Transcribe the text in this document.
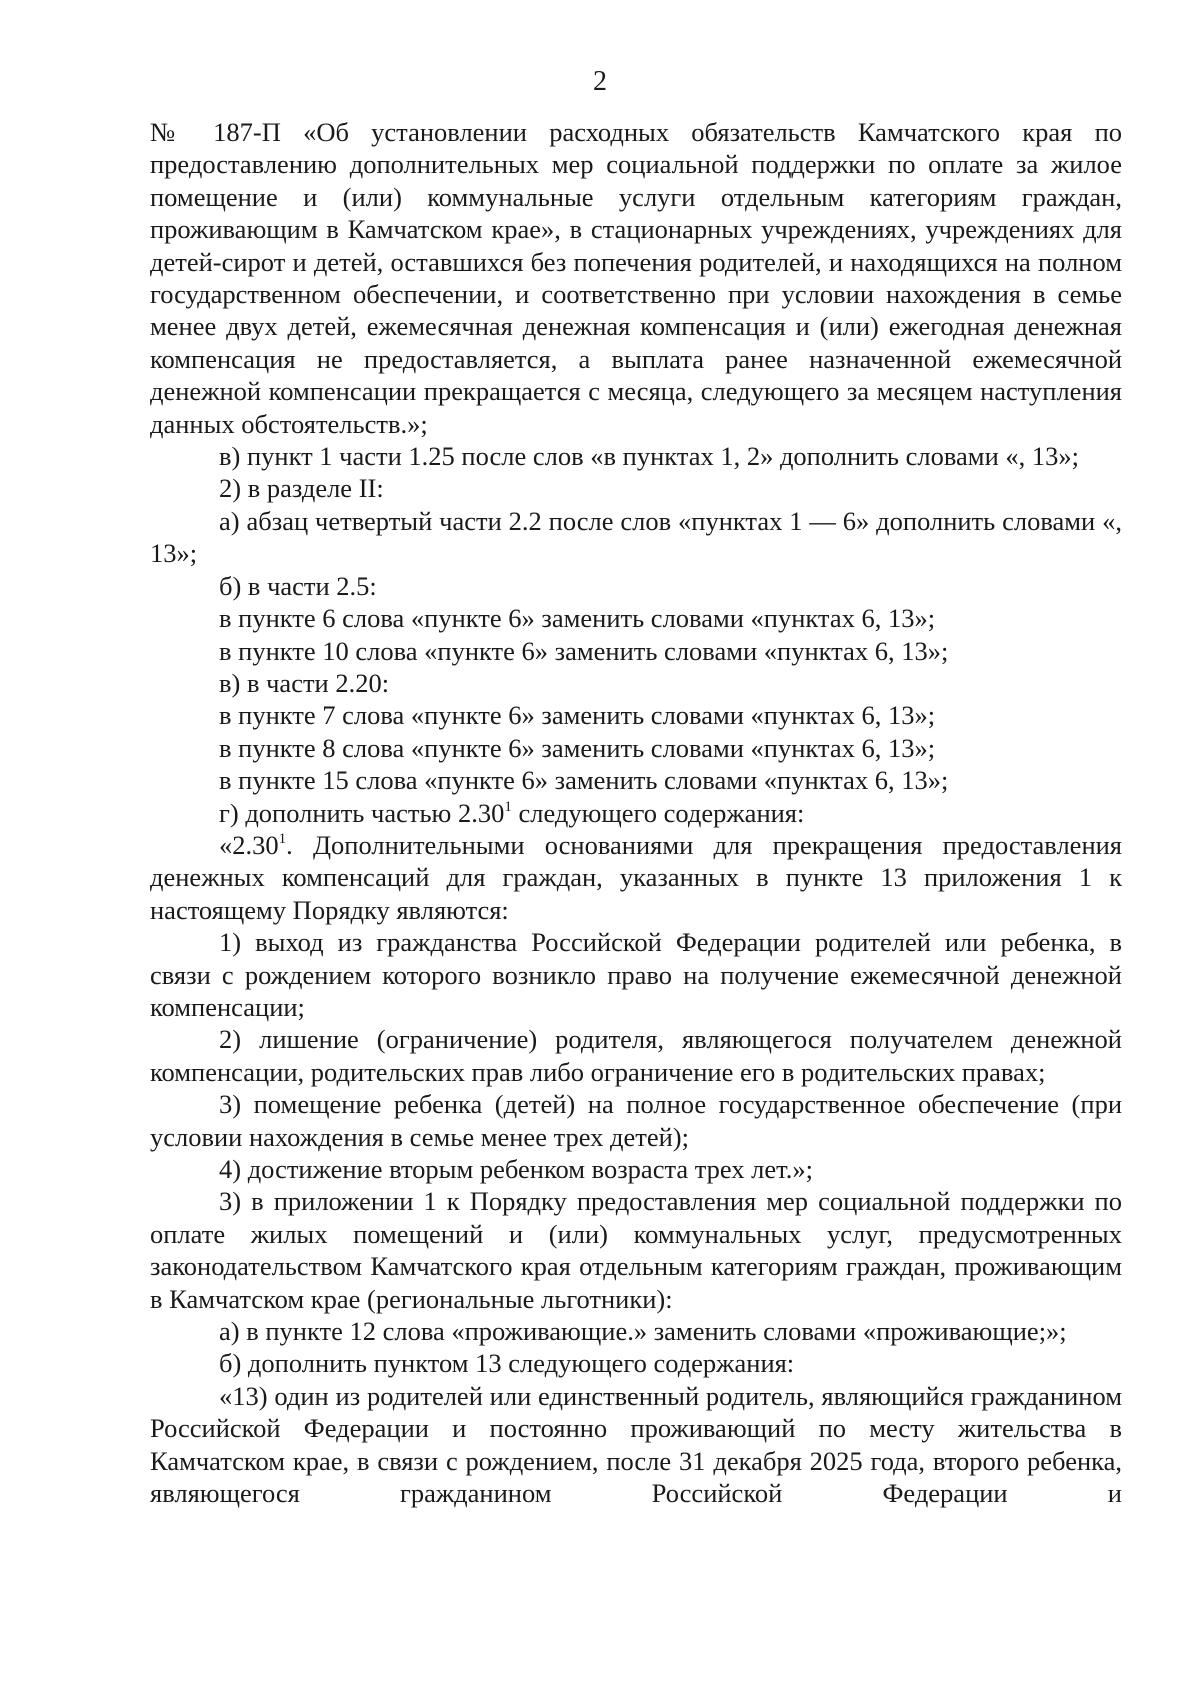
2

№ 187-П «Об установлении расходных обязательств Камчатского края по предоставлению дополнительных мер социальной поддержки по оплате за жилое помещение и (или) коммунальные услуги отдельным категориям граждан, проживающим в Камчатском крае», в стационарных учреждениях, учреждениях для детей-сирот и детей, оставшихся без попечения родителей, и находящихся на полном государственном обеспечении, и соответственно при условии нахождения в семье менее двух детей, ежемесячная денежная компенсация и (или) ежегодная денежная компенсация не предоставляется, а выплата ранее назначенной ежемесячной денежной компенсации прекращается с месяца, следующего за месяцем наступления данных обстоятельств.»;

в) пункт 1 части 1.25 после слов «в пунктах 1, 2» дополнить словами «, 13»;

2) в разделе II:

а) абзац четвертый части 2.2 после слов «пунктах 1 — 6» дополнить словами «, 13»;

б) в части 2.5:

в пункте 6 слова «пункте 6» заменить словами «пунктах 6, 13»;

в пункте 10 слова «пункте 6» заменить словами «пунктах 6, 13»;

в) в части 2.20:

в пункте 7 слова «пункте 6» заменить словами «пунктах 6, 13»;

в пункте 8 слова «пункте 6» заменить словами «пунктах 6, 13»;

в пункте 15 слова «пункте 6» заменить словами «пунктах 6, 13»;

г) дополнить частью 2.30$^1$ следующего содержания:

«2.30$^1$. Дополнительными основаниями для прекращения предоставления денежных компенсаций для граждан, указанных в пункте 13 приложения 1 к настоящему Порядку являются:

1) выход из гражданства Российской Федерации родителей или ребенка, в связи с рождением которого возникло право на получение ежемесячной денежной компенсации;

2) лишение (ограничение) родителя, являющегося получателем денежной компенсации, родительских прав либо ограничение его в родительских правах;

3) помещение ребенка (детей) на полное государственное обеспечение (при условии нахождения в семье менее трех детей);

4) достижение вторым ребенком возраста трех лет.»;

3) в приложении 1 к Порядку предоставления мер социальной поддержки по оплате жилых помещений и (или) коммунальных услуг, предусмотренных законодательством Камчатского края отдельным категориям граждан, проживающим в Камчатском крае (региональные льготники):

а) в пункте 12 слова «проживающие.» заменить словами «проживающие;»;

б) дополнить пунктом 13 следующего содержания:

«13) один из родителей или единственный родитель, являющийся гражданином Российской Федерации и постоянно проживающий по месту жительства в Камчатском крае, в связи с рождением, после 31 декабря 2025 года, второго ребенка, являющегося гражданином Российской Федерации и
